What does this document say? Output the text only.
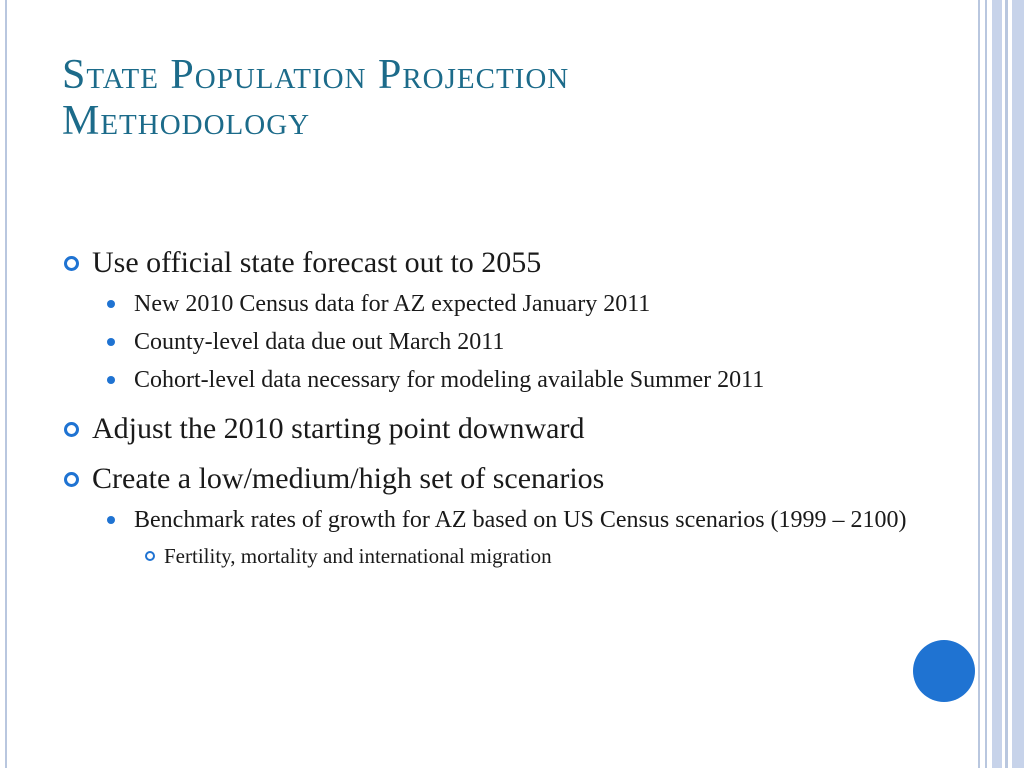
State Population Projection
Methodology
Use official state forecast out to 2055
New 2010 Census data for AZ expected January 2011
County-level data due out March 2011
Cohort-level data necessary for modeling available Summer 2011
Adjust the 2010 starting point downward
Create a low/medium/high set of scenarios
Benchmark rates of growth for AZ based on US Census scenarios (1999 – 2100)
Fertility, mortality and international migration
